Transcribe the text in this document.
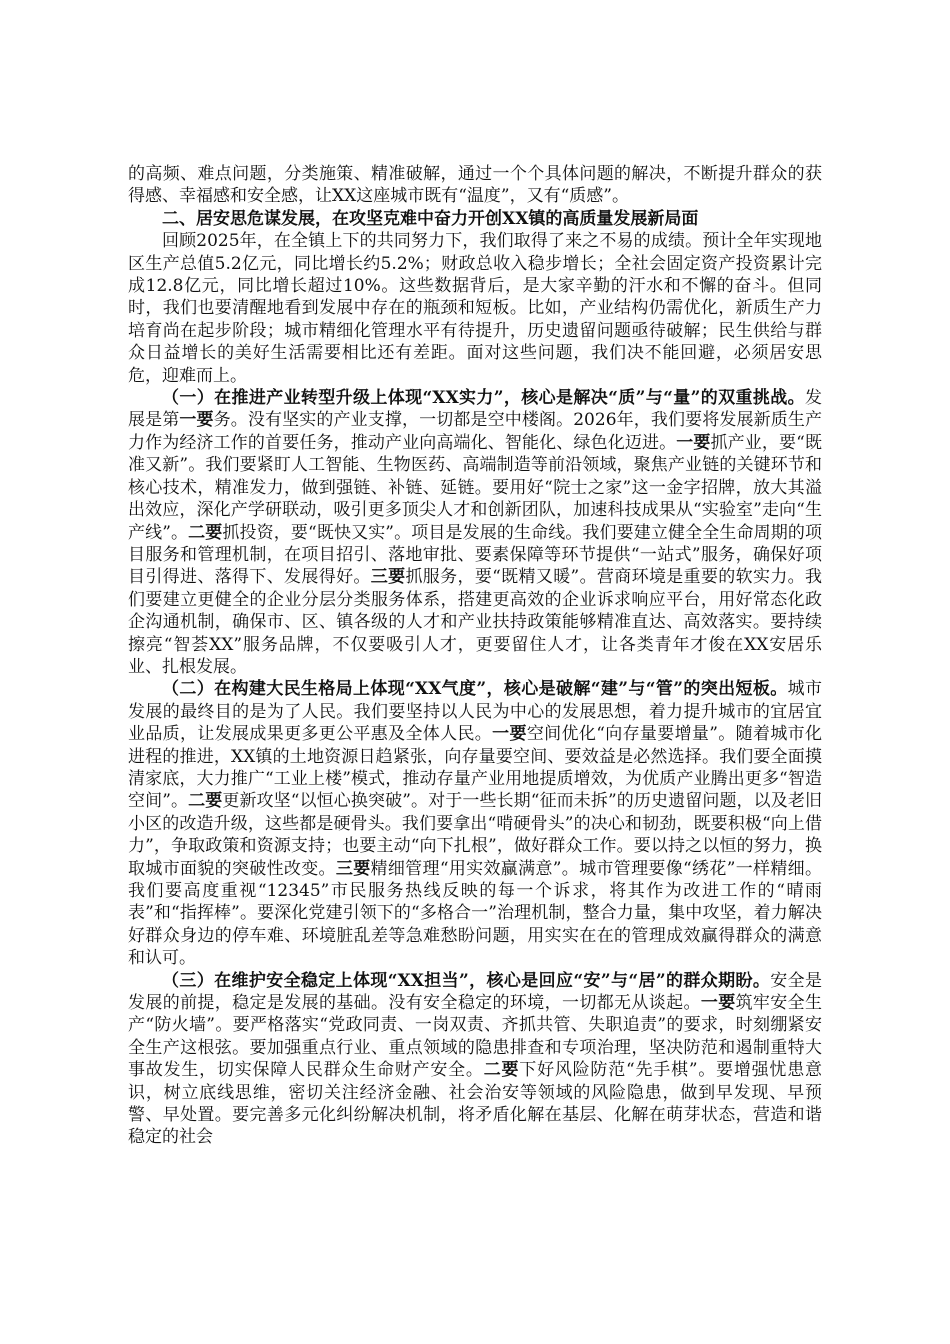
的高频、难点问题，分类施策、精准破解，通过一个个具体问题的解决，不断提升群众的获得感、幸福感和安全感，让XX这座城市既有“温度”，又有“质感”。

二、居安思危谋发展，在攻坚克难中奋力开创XX镇的高质量发展新局面

回顾2025年，在全镇上下的共同努力下，我们取得了来之不易的成绩。预计全年实现地区生产总值5.2亿元，同比增长约5.2%；财政总收入稳步增长；全社会固定资产投资累计完成12.8亿元，同比增长超过10%。这些数据背后，是大家辛勤的汗水和不懈的奋斗。但同时，我们也要清醒地看到发展中存在的瓶颈和短板。比如，产业结构仍需优化，新质生产力培育尚在起步阶段；城市精细化管理水平有待提升，历史遗留问题亟待破解；民生供给与群众日益增长的美好生活需要相比还有差距。面对这些问题，我们决不能回避，必须居安思危，迎难而上。

（一）在推进产业转型升级上体现“XX实力”，核心是解决“质”与“量”的双重挑战。发展是第一要务。没有坚实的产业支撑，一切都是空中楼阁。2026年，我们要将发展新质生产力作为经济工作的首要任务，推动产业向高端化、智能化、绿色化迈进。一要抓产业，要“既准又新”。我们要紧盯人工智能、生物医药、高端制造等前沿领域，聚焦产业链的关键环节和核心技术，精准发力，做到强链、补链、延链。要用好“院士之家”这一金字招牌，放大其溢出效应，深化产学研联动，吸引更多顶尖人才和创新团队，加速科技成果从“实验室”走向“生产线”。二要抓投资，要“既快又实”。项目是发展的生命线。我们要建立健全全生命周期的项目服务和管理机制，在项目招引、落地审批、要素保障等环节提供“一站式”服务，确保好项目引得进、落得下、发展得好。三要抓服务，要“既精又暖”。营商环境是重要的软实力。我们要建立更健全的企业分层分类服务体系，搭建更高效的企业诉求响应平台，用好常态化政企沟通机制，确保市、区、镇各级的人才和产业扶持政策能够精准直达、高效落实。要持续擦亮“智荟XX”服务品牌，不仅要吸引人才，更要留住人才，让各类青年才俊在XX安居乐业、扎根发展。

（二）在构建大民生格局上体现“XX气度”，核心是破解“建”与“管”的突出短板。城市发展的最终目的是为了人民。我们要坚持以人民为中心的发展思想，着力提升城市的宜居宜业品质，让发展成果更多更公平惠及全体人民。一要空间优化“向存量要增量”。随着城市化进程的推进，XX镇的土地资源日趋紧张，向存量要空间、要效益是必然选择。我们要全面摸清家底，大力推广“工业上楼”模式，推动存量产业用地提质增效，为优质产业腾出更多“智造空间”。二要更新攻坚“以恒心换突破”。对于一些长期“征而未拆”的历史遗留问题，以及老旧小区的改造升级，这些都是硬骨头。我们要拿出“啃硬骨头”的决心和韧劲，既要积极“向上借力”，争取政策和资源支持；也要主动“向下扎根”，做好群众工作。要以持之以恒的努力，换取城市面貌的突破性改变。三要精细管理“用实效赢满意”。城市管理要像“绣花”一样精细。我们要高度重视“12345”市民服务热线反映的每一个诉求，将其作为改进工作的“晴雨表”和“指挥棒”。要深化党建引领下的“多格合一”治理机制，整合力量，集中攻坚，着力解决好群众身边的停车难、环境脏乱差等急难愁盼问题，用实实在在的管理成效赢得群众的满意和认可。

（三）在维护安全稳定上体现“XX担当”，核心是回应“安”与“居”的群众期盼。安全是发展的前提，稳定是发展的基础。没有安全稳定的环境，一切都无从谈起。一要筑牢安全生产“防火墙”。要严格落实“党政同责、一岗双责、齐抓共管、失职追责”的要求，时刻绷紧安全生产这根弦。要加强重点行业、重点领域的隐患排查和专项治理，坚决防范和遏制重特大事故发生，切实保障人民群众生命财产安全。二要下好风险防范“先手棋”。要增强忧患意识，树立底线思维，密切关注经济金融、社会治安等领域的风险隐患，做到早发现、早预警、早处置。要完善多元化纠纷解决机制，将矛盾化解在基层、化解在萌芽状态，营造和谐稳定的社会
